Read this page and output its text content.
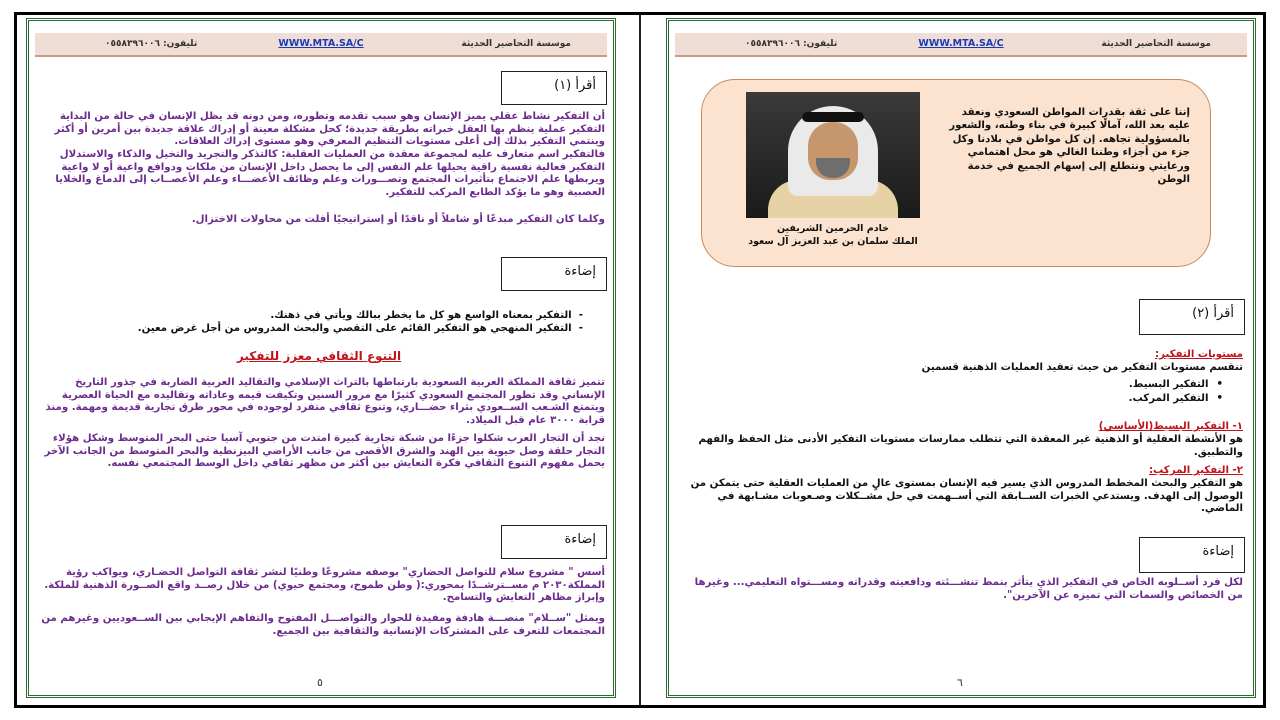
موسسة التحاضير الحديثة
WWW.MTA.SA/C
تليفون: ٠٥٥٨٣٩٦٠٠٦
أقرأ (١)
أن التفكير نشاط عقلي يميز الإنسان وهو سبب تقدمه وتطوره، ومن دونه قد يظل الإنسان في حالة من البداية التفكير عملية ينظم بها العقل خبراته بطريقة جديدة؛ كحل مشكلة معينة أو إدراك علاقة جديدة بين أمرين أو أكثر وينتمي التفكير بذلك إلى أعلى مستويات التنظيم المعرفي وهو مستوى إدراك العلاقات.
فالتفكير اسم متعارف عليه لمجموعة معقدة من العمليات العقلية: كالتذكر والتجريد والتخيل والذكاء والاستدلال التفكير فعالية نفسية راقية يحيلها علم النفس إلى ما يحصل داخل الإنسان من ملكات ودوافع واعية أو لا واعية ويربطها علم الاجتماع بتأثيرات المجتمع وتصـــورات وعلم وظائف الأعضـــاء وعلم الأعصــاب إلى الدماغ والخلايا العصبية وهو ما يؤكد الطابع المركب للتفكير.
وكلما كان التفكير مبدعًا أو شاملاً أو ناقدًا أو إستراتيجيًا أفلت من محاولات الاختزال.
إضاءة
-  التفكير بمعناه الواسع هو كل ما يخطر ببالك ويأتي في ذهنك.
-  التفكير المنهجي هو التفكير القائم على التقصي والبحث المدروس من أجل غرض معين.
التنوع الثقافي معزز للتفكير
تتميز ثقافة المملكة العربية السعودية بارتباطها بالتراث الإسلامي والتقاليد العربية الضاربة في جذور التاريخ الإنساني وقد تطور المجتمع السعودي كثيرًا مع مرور السنين وتكيفت قيمه وعاداته وتقاليده مع الحياة العصرية ويتمتع الشـعب الســعودي بثراء حضـــاري، وتنوع ثقافي متفرد لوجوده في محور طرق تجارية قديمة ومهمة. ومنذ قرابة ٣٠٠٠ عام قبل الميلاد.
نجد أن التجار العرب شكلوا جزءًا من شبكة تجارية كبيرة امتدت من جنوبي آسيا حتى البحر المتوسط وشكل هؤلاء التجار حلقة وصل حيوية بين الهند والشرق الأقصى من جانب الأراضي البيزنطية والبحر المتوسط من الجانب الآخر يحمل مفهوم التنوع الثقافي فكرة التعايش بين أكثر من مظهر ثقافي داخل الوسط المجتمعي نفسه.
إضاءة
أسس " مشروع سلام للتواصل الحضاري" بوصفه مشروعًا وطنيًا لنشر ثقافة التواصل الحضـاري، ويواكب رؤية المملكة٢٠٣٠ م مســترشــدًا بمحوري:( وطن طموح، ومجتمع حيوي) من خلال رصــد واقع الصــورة الذهنية للملكة. وإبراز مظاهر التعايش والتسامح.
ويمثل "ســلام" منصـــة هادفة ومفيدة للحوار والتواصـــل المفتوح والتفاهم الإيجابي بين الســعوديين وغيرهم من المجتمعات للتعرف على المشتركات الإنسانية والثقافية بين الجميع.
٥
موسسة التحاضير الحديثة
WWW.MTA.SA/C
تليفون: ٠٥٥٨٣٩٦٠٠٦
خادم الحرمين الشريفين
الملك سلمان بن عبد العزيز آل سعود
إننا على ثقة بقدرات المواطن السعودي ونعقد عليه بعد الله، آمالًا كبيرة في بناء وطنه، والشعور بالمسؤولية تجاهه. إن كل مواطن في بلادنا وكل جزء من أجزاء وطننا الغالي هو محل اهتمامي ورعايتي ونتطلع إلى إسهام الجميع في خدمة الوطن
أقرأ (٢)
مستويات التفكير:
تنقسم مستويات التفكير من حيث تعقيد العمليات الذهنية قسمين
• التفكير البسيط.
• التفكير المركب.
١- التفكير البسيط(الأساسي)
هو الأنشطة العقلية أو الذهنية غير المعقدة التي تتطلب ممارسات مستويات التفكير الأدنى مثل الحفظ والفهم والتطبيق.
٢- التفكير المركب:
هو التفكير والبحث المخطط المدروس الذي يسير فيه الإنسان بمستوى عالٍ من العمليات العقلية حتى يتمكن من الوصول إلى الهدف. ويستدعي الخبرات الســابقة التي أســهمت في حل مشــكلات وصـعوبات مشـابهة في الماضي.
إضاءة
لكل فرد أســلوبه الخاص في التفكير الذي يتأثر بنمط تنشـــئته ودافعيته وقدراته ومســـتواه التعليمي... وغيرها من الخصائص والسمات التي تميزه عن الآخرين".
٦
